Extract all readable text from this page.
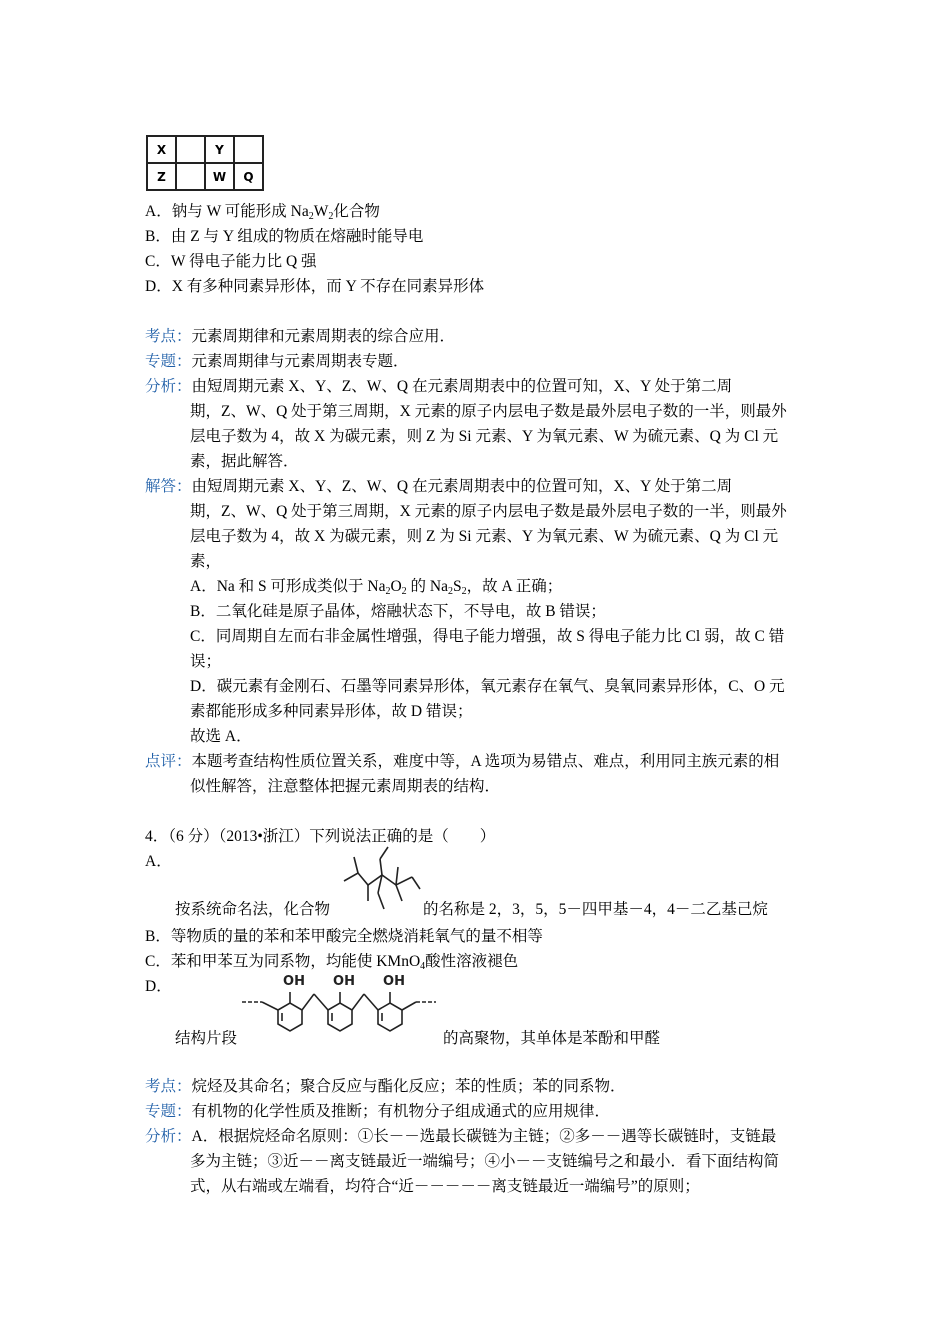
X		Y	
Z		W	Q
A．钠与 W 可能形成 $Na_2W_2$化合物
B．由 Z 与 Y 组成的物质在熔融时能导电
C．W 得电子能力比 Q 强
D．X 有多种同素异形体，而 Y 不存在同素异形体
考点：元素周期律和元素周期表的综合应用．
专题：元素周期律与元素周期表专题．
分析：由短周期元素 X、Y、Z、W、Q 在元素周期表中的位置可知，X、Y 处于第二周
期，Z、W、Q 处于第三周期，X 元素的原子内层电子数是最外层电子数的一半，则最外
层电子数为 4，故 X 为碳元素，则 Z 为 Si 元素、Y 为氧元素、W 为硫元素、Q 为 Cl 元
素，据此解答．
解答：由短周期元素 X、Y、Z、W、Q 在元素周期表中的位置可知，X、Y 处于第二周
期，Z、W、Q 处于第三周期，X 元素的原子内层电子数是最外层电子数的一半，则最外
层电子数为 4，故 X 为碳元素，则 Z 为 Si 元素、Y 为氧元素、W 为硫元素、Q 为 Cl 元
素，
A．Na 和 S 可形成类似于 $Na_2O_2$ 的 $Na_2S_2$，故 A 正确；
B．二氧化硅是原子晶体，熔融状态下，不导电，故 B 错误；
C．同周期自左而右非金属性增强，得电子能力增强，故 S 得电子能力比 Cl 弱，故 C 错
误；
D．碳元素有金刚石、石墨等同素异形体，氧元素存在氧气、臭氧同素异形体，C、O 元
素都能形成多种同素异形体，故 D 错误；
故选 A．
点评：本题考查结构性质位置关系，难度中等，A 选项为易错点、难点，利用同主族元素的相
似性解答，注意整体把握元素周期表的结构．
4．（6 分）（2013•浙江）下列说法正确的是（　　）
A．
按系统命名法，化合物	的名称是 2，3，5，5－四甲基－4，4－二乙基己烷
B．等物质的量的苯和苯甲酸完全燃烧消耗氧气的量不相等
C．苯和甲苯互为同系物，均能使 KMnO$_4$酸性溶液褪色
D．	OH OH OH
结构片段	的高聚物，其单体是苯酚和甲醛
考点：烷烃及其命名；聚合反应与酯化反应；苯的性质；苯的同系物．
专题：有机物的化学性质及推断；有机物分子组成通式的应用规律．
分析：A．根据烷烃命名原则：①长－－选最长碳链为主链；②多－－遇等长碳链时，支链最
多为主链；③近－－离支链最近一端编号；④小－－支链编号之和最小．看下面结构简
式，从右端或左端看，均符合“近－－－－－离支链最近一端编号”的原则；
